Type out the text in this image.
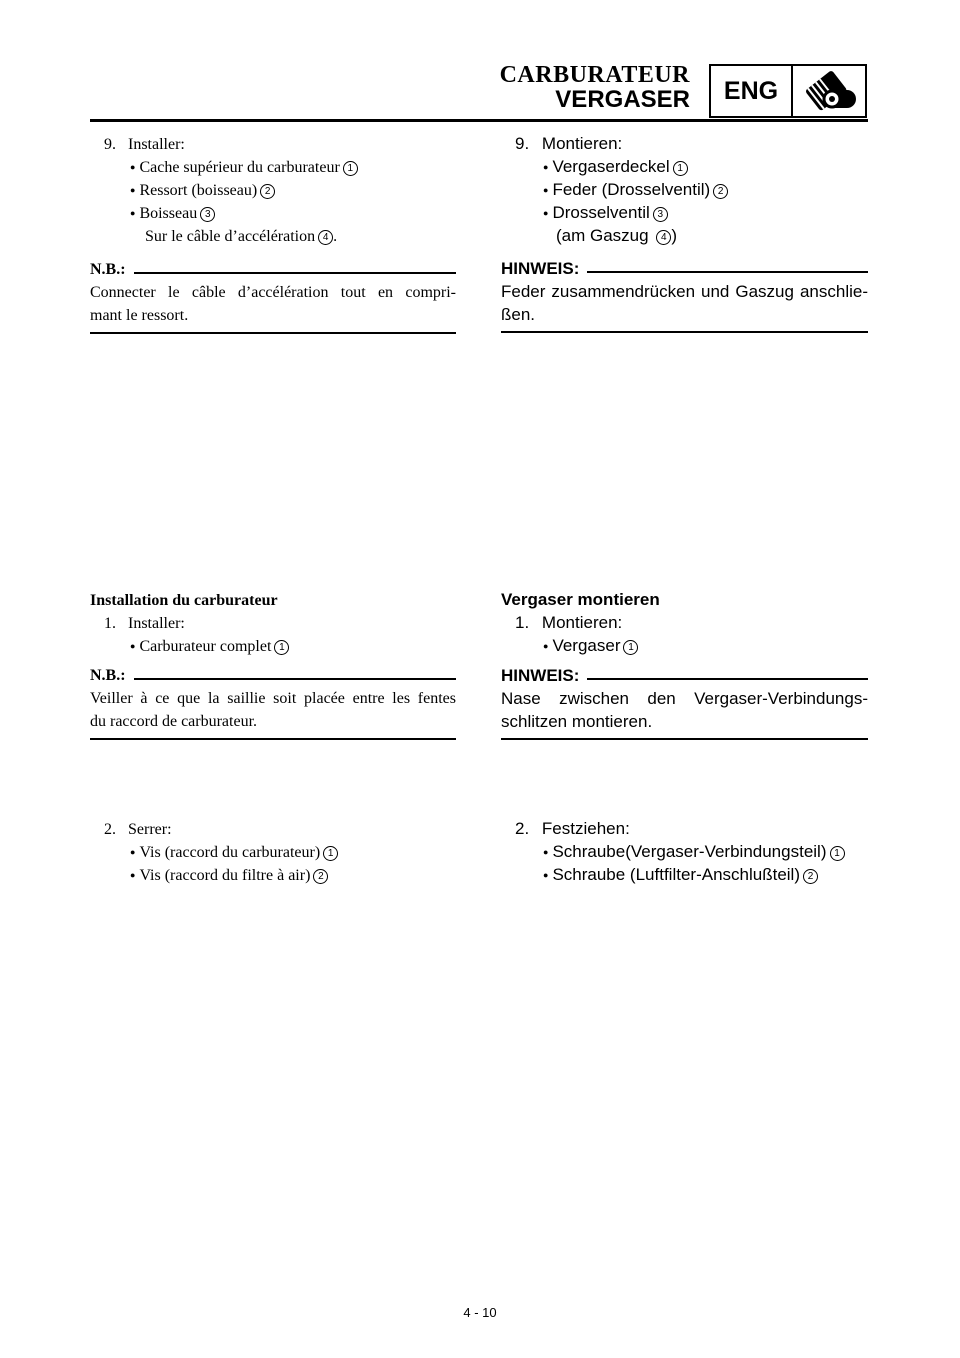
CARBURATEUR
VERGASER	ENG
9. Installer:
● Cache supérieur du carburateur 1
● Ressort (boisseau) 2
● Boisseau 3
Sur le câble d’accélération 4 .
N.B.:
Connecter le câble d’accélération tout en compri-
mant le ressort.
Installation du carburateur
1. Installer:
● Carburateur complet 1
N.B.:
Veiller à ce que la saillie soit placée entre les fentes
du raccord de carburateur.
2. Serrer:
● Vis (raccord du carburateur) 1
● Vis (raccord du filtre à air) 2
9. Montieren:
● Vergaserdeckel 1
● Feder (Drosselventil) 2
● Drosselventil 3
(am Gaszug 4 )
HINWEIS:
Feder zusammendrücken und Gaszug anschlie-
ßen.
Vergaser montieren
1. Montieren:
● Vergaser 1
HINWEIS:
Nase zwischen den Vergaser-Verbindungs-
schlitzen montieren.
2. Festziehen:
● Schraube(Vergaser-Verbindungsteil) 1
● Schraube (Luftfilter-Anschlußteil) 2
4 - 10
